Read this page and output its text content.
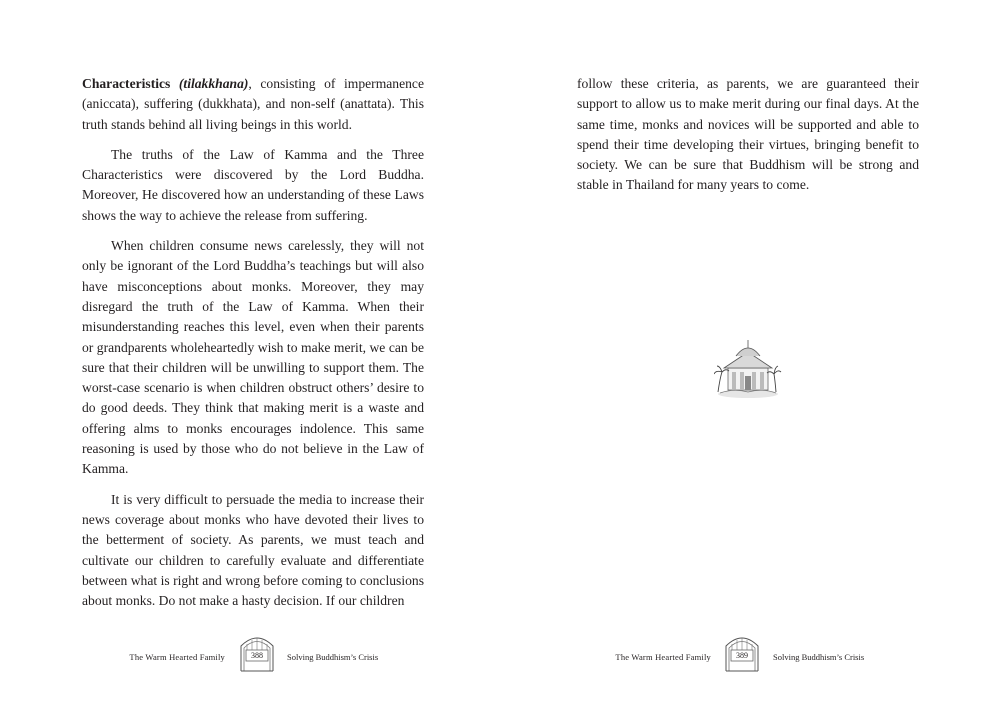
Characteristics (tilakkhana), consisting of impermanence (aniccata), suffering (dukkhata), and non-self (anattata). This truth stands behind all living beings in this world.

The truths of the Law of Kamma and the Three Characteristics were discovered by the Lord Buddha. Moreover, He discovered how an understanding of these Laws shows the way to achieve the release from suffering.

When children consume news carelessly, they will not only be ignorant of the Lord Buddha’s teachings but will also have misconceptions about monks. Moreover, they may disregard the truth of the Law of Kamma. When their misunderstanding reaches this level, even when their parents or grandparents wholeheartedly wish to make merit, we can be sure that their children will be unwilling to support them. The worst-case scenario is when children obstruct others’ desire to do good deeds. They think that making merit is a waste and offering alms to monks encourages indolence. This same reasoning is used by those who do not believe in the Law of Kamma.

It is very difficult to persuade the media to increase their news coverage about monks who have devoted their lives to the betterment of society. As parents, we must teach and cultivate our children to carefully evaluate and differentiate between what is right and wrong before coming to conclusions about monks. Do not make a hasty decision. If our children

The Warm Hearted Family	388	Solving Buddhism’s Crisis

follow these criteria, as parents, we are guaranteed their support to allow us to make merit during our final days. At the same time, monks and novices will be supported and able to spend their time developing their virtues, bringing benefit to society. We can be sure that Buddhism will be strong and stable in Thailand for many years to come.

The Warm Hearted Family	389	Solving Buddhism’s Crisis
